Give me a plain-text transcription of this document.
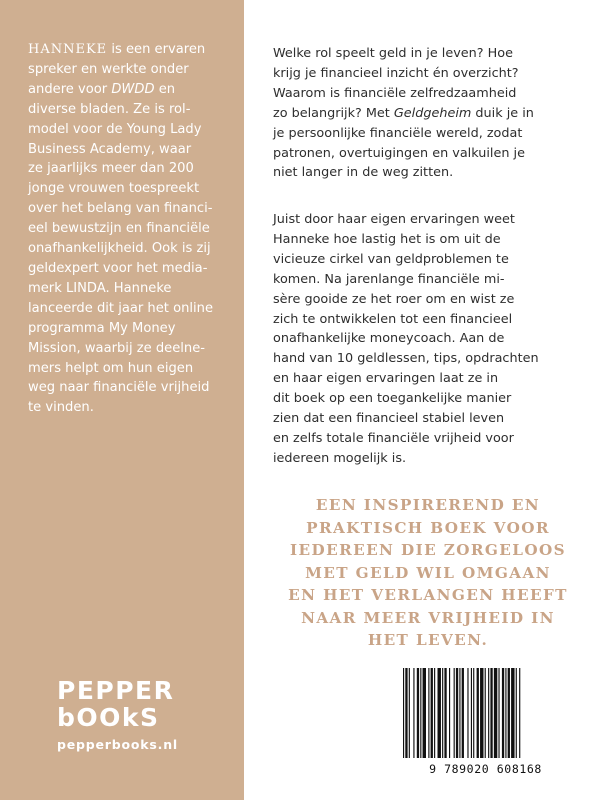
HANNEKE is een ervaren
spreker en werkte onder
andere voor DWDD en
diverse bladen. Ze is rol-
model voor de Young Lady
Business Academy, waar
ze jaarlijks meer dan 200
jonge vrouwen toespreekt
over het belang van financi-
eel bewustzijn en financiële
onafhankelijkheid. Ook is zij
geldexpert voor het media-
merk LINDA. Hanneke
lanceerde dit jaar het online
programma My Money
Mission, waarbij ze deelne-
mers helpt om hun eigen
weg naar financiële vrijheid
te vinden.
PEPPER
bOOkS
pepperbooks.nl
Welke rol speelt geld in je leven? Hoe
krijg je financieel inzicht én overzicht?
Waarom is financiële zelfredzaamheid
zo belangrijk? Met Geldgeheim duik je in
je persoonlijke financiële wereld, zodat
patronen, overtuigingen en valkuilen je
niet langer in de weg zitten.
Juist door haar eigen ervaringen weet
Hanneke hoe lastig het is om uit de
vicieuze cirkel van geldproblemen te
komen. Na jarenlange financiële mi-
sère gooide ze het roer om en wist ze
zich te ontwikkelen tot een financieel
onafhankelijke moneycoach. Aan de
hand van 10 geldlessen, tips, opdrachten
en haar eigen ervaringen laat ze in
dit boek op een toegankelijke manier
zien dat een financieel stabiel leven
en zelfs totale financiële vrijheid voor
iedereen mogelijk is.
EEN INSPIREREND EN
PRAKTISCH BOEK VOOR
IEDEREEN DIE ZORGELOOS
MET GELD WIL OMGAAN
EN HET VERLANGEN HEEFT
NAAR MEER VRIJHEID IN
HET LEVEN.
9 789020 608168
